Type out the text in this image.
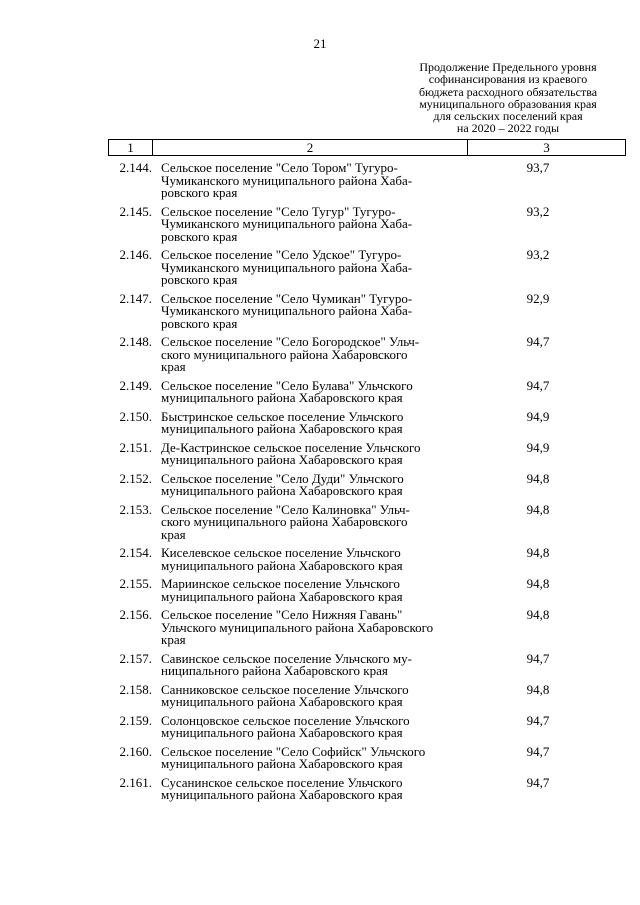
21
Продолжение Предельного уровня
софинансирования из краевого
бюджета расходного обязательства
муниципального образования края
для сельских поселений края
на 2020 – 2022 годы
1	2	3
2.144. Сельское поселение "Село Тором" Тугуро-
Чумиканского муниципального района Хаба-
ровского края
93,7
2.145. Сельское поселение "Село Тугур" Тугуро-
Чумиканского муниципального района Хаба-
ровского края
93,2
2.146. Сельское поселение "Село Удское" Тугуро-
Чумиканского муниципального района Хаба-
ровского края
93,2
2.147. Сельское поселение "Село Чумикан" Тугуро-
Чумиканского муниципального района Хаба-
ровского края
92,9
2.148. Сельское поселение "Село Богородское" Ульч-
ского муниципального района Хабаровского
края
94,7
2.149. Сельское поселение "Село Булава" Ульчского
муниципального района Хабаровского края
94,7
2.150. Быстринское сельское поселение Ульчского
муниципального района Хабаровского края
94,9
2.151. Де-Кастринское сельское поселение Ульчского
муниципального района Хабаровского края
94,9
2.152. Сельское поселение "Село Дуди" Ульчского
муниципального района Хабаровского края
94,8
2.153. Сельское поселение "Село Калиновка" Ульч-
ского муниципального района Хабаровского
края
94,8
2.154. Киселевское сельское поселение Ульчского
муниципального района Хабаровского края
94,8
2.155. Мариинское сельское поселение Ульчского
муниципального района Хабаровского края
94,8
2.156. Сельское поселение "Село Нижняя Гавань"
Ульчского муниципального района Хабаровского
края
94,8
2.157. Савинское сельское поселение Ульчского му-
ниципального района Хабаровского края
94,7
2.158. Санниковское сельское поселение Ульчского
муниципального района Хабаровского края
94,8
2.159. Солонцовское сельское поселение Ульчского
муниципального района Хабаровского края
94,7
2.160. Сельское поселение "Село Софийск" Ульчского
муниципального района Хабаровского края
94,7
2.161. Сусанинское сельское поселение Ульчского
муниципального района Хабаровского края
94,7
